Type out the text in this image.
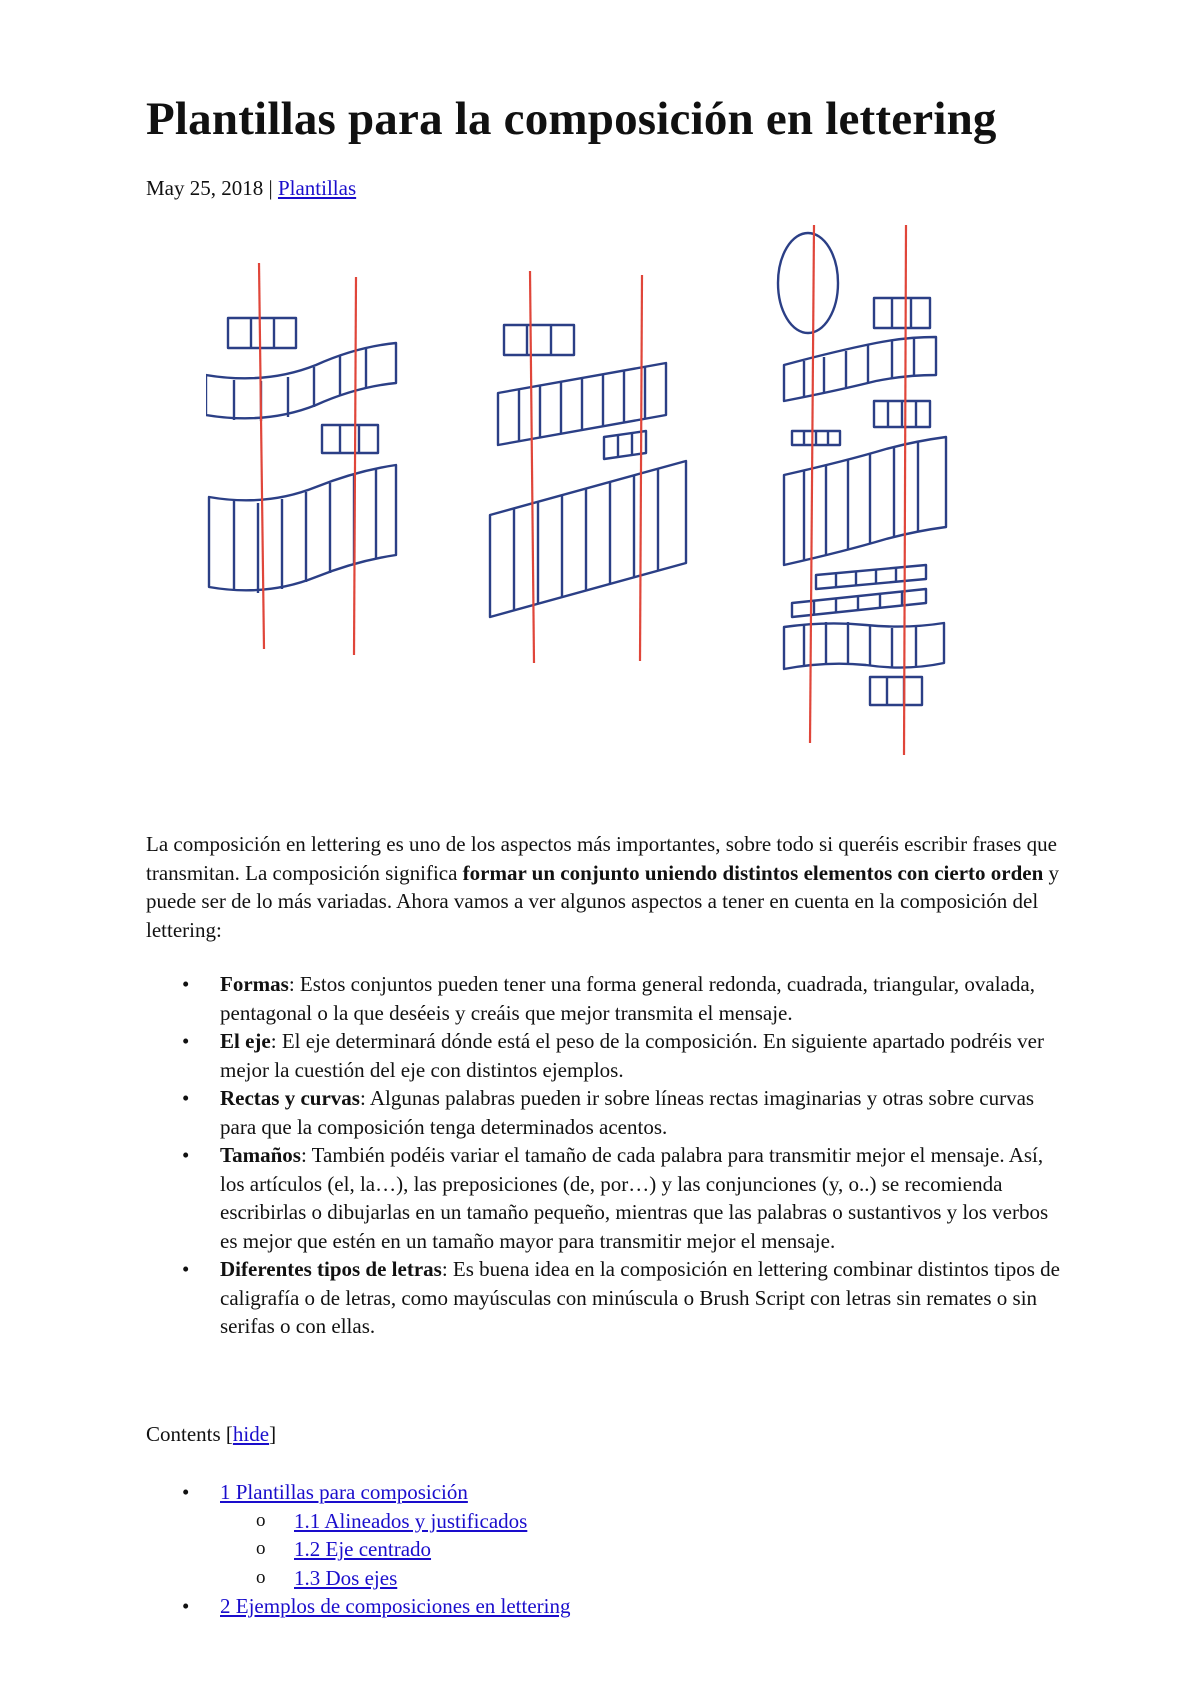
Plantillas para la composición en lettering
May 25, 2018 | Plantillas

La composición en lettering es uno de los aspectos más importantes, sobre todo si queréis escribir frases que transmitan. La composición significa formar un conjunto uniendo distintos elementos con cierto orden y puede ser de lo más variadas. Ahora vamos a ver algunos aspectos a tener en cuenta en la composición del lettering:

• Formas: Estos conjuntos pueden tener una forma general redonda, cuadrada, triangular, ovalada, pentagonal o la que deséeis y creáis que mejor transmita el mensaje.
• El eje: El eje determinará dónde está el peso de la composición. En siguiente apartado podréis ver mejor la cuestión del eje con distintos ejemplos.
• Rectas y curvas: Algunas palabras pueden ir sobre líneas rectas imaginarias y otras sobre curvas para que la composición tenga determinados acentos.
• Tamaños: También podéis variar el tamaño de cada palabra para transmitir mejor el mensaje. Así, los artículos (el, la…), las preposiciones (de, por…) y las conjunciones (y, o..) se recomienda escribirlas o dibujarlas en un tamaño pequeño, mientras que las palabras o sustantivos y los verbos es mejor que estén en un tamaño mayor para transmitir mejor el mensaje.
• Diferentes tipos de letras: Es buena idea en la composición en lettering combinar distintos tipos de caligrafía o de letras, como mayúsculas con minúscula o Brush Script con letras sin remates o sin serifas o con ellas.
Contents [hide]
• 1 Plantillas para composición
o 1.1 Alineados y justificados
o 1.2 Eje centrado
o 1.3 Dos ejes
• 2 Ejemplos de composiciones en lettering
